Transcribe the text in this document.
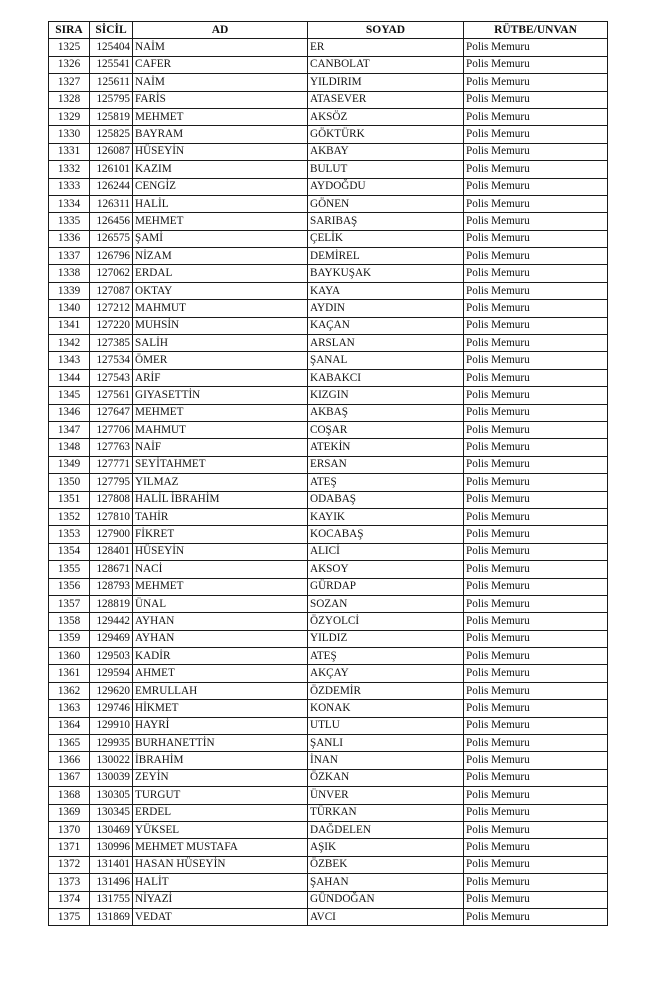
SIRA	SİCİL	AD	SOYAD	RÜTBE/UNVAN
1325	125404	NAİM	ER	Polis Memuru
1326	125541	CAFER	CANBOLAT	Polis Memuru
1327	125611	NAİM	YILDIRIM	Polis Memuru
1328	125795	FARİS	ATASEVER	Polis Memuru
1329	125819	MEHMET	AKSÖZ	Polis Memuru
1330	125825	BAYRAM	GÖKTÜRK	Polis Memuru
1331	126087	HÜSEYİN	AKBAY	Polis Memuru
1332	126101	KAZIM	BULUT	Polis Memuru
1333	126244	CENGİZ	AYDOĞDU	Polis Memuru
1334	126311	HALİL	GÖNEN	Polis Memuru
1335	126456	MEHMET	SARIBAŞ	Polis Memuru
1336	126575	ŞAMİ	ÇELİK	Polis Memuru
1337	126796	NİZAM	DEMİREL	Polis Memuru
1338	127062	ERDAL	BAYKUŞAK	Polis Memuru
1339	127087	OKTAY	KAYA	Polis Memuru
1340	127212	MAHMUT	AYDIN	Polis Memuru
1341	127220	MUHSİN	KAÇAN	Polis Memuru
1342	127385	SALİH	ARSLAN	Polis Memuru
1343	127534	ÖMER	ŞANAL	Polis Memuru
1344	127543	ARİF	KABAKCI	Polis Memuru
1345	127561	GIYASETTİN	KIZGIN	Polis Memuru
1346	127647	MEHMET	AKBAŞ	Polis Memuru
1347	127706	MAHMUT	COŞAR	Polis Memuru
1348	127763	NAİF	ATEKİN	Polis Memuru
1349	127771	SEYİTAHMET	ERSAN	Polis Memuru
1350	127795	YILMAZ	ATEŞ	Polis Memuru
1351	127808	HALİL İBRAHİM	ODABAŞ	Polis Memuru
1352	127810	TAHİR	KAYIK	Polis Memuru
1353	127900	FİKRET	KOCABAŞ	Polis Memuru
1354	128401	HÜSEYİN	ALICİ	Polis Memuru
1355	128671	NACİ	AKSOY	Polis Memuru
1356	128793	MEHMET	GÜRDAP	Polis Memuru
1357	128819	ÜNAL	SOZAN	Polis Memuru
1358	129442	AYHAN	ÖZYOLCİ	Polis Memuru
1359	129469	AYHAN	YILDIZ	Polis Memuru
1360	129503	KADİR	ATEŞ	Polis Memuru
1361	129594	AHMET	AKÇAY	Polis Memuru
1362	129620	EMRULLAH	ÖZDEMİR	Polis Memuru
1363	129746	HİKMET	KONAK	Polis Memuru
1364	129910	HAYRİ	UTLU	Polis Memuru
1365	129935	BURHANETTİN	ŞANLI	Polis Memuru
1366	130022	İBRAHİM	İNAN	Polis Memuru
1367	130039	ZEYİN	ÖZKAN	Polis Memuru
1368	130305	TURGUT	ÜNVER	Polis Memuru
1369	130345	ERDEL	TÜRKAN	Polis Memuru
1370	130469	YÜKSEL	DAĞDELEN	Polis Memuru
1371	130996	MEHMET MUSTAFA	AŞIK	Polis Memuru
1372	131401	HASAN HÜSEYİN	ÖZBEK	Polis Memuru
1373	131496	HALİT	ŞAHAN	Polis Memuru
1374	131755	NİYAZİ	GÜNDOĞAN	Polis Memuru
1375	131869	VEDAT	AVCI	Polis Memuru
